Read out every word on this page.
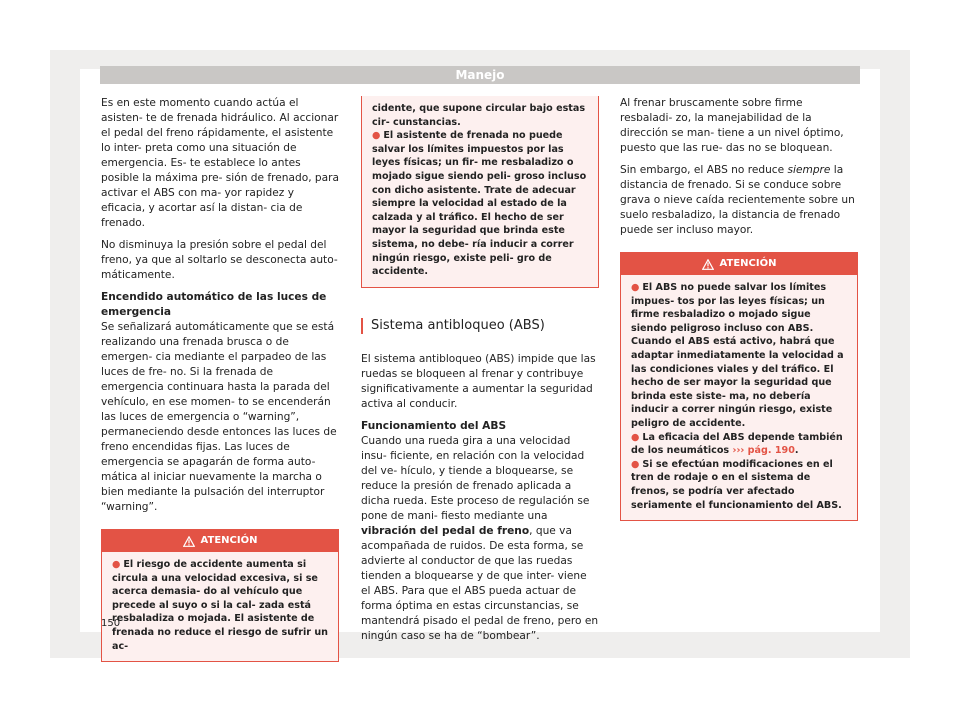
Manejo

Es en este momento cuando actúa el asisten- te de frenada hidráulico. Al accionar el pedal del freno rápidamente, el asistente lo inter- preta como una situación de emergencia. Es- te establece lo antes posible la máxima pre- sión de frenado, para activar el ABS con ma- yor rapidez y eficacia, y acortar así la distan- cia de frenado.

No disminuya la presión sobre el pedal del freno, ya que al soltarlo se desconecta auto- máticamente.

Encendido automático de las luces de emergencia

Se señalizará automáticamente que se está realizando una frenada brusca o de emergen- cia mediante el parpadeo de las luces de fre- no. Si la frenada de emergencia continuara hasta la parada del vehículo, en ese momen- to se encenderán las luces de emergencia o “warning”, permaneciendo desde entonces las luces de freno encendidas fijas. Las luces de emergencia se apagarán de forma auto- mática al iniciar nuevamente la marcha o bien mediante la pulsación del interruptor “warning”.

ATENCIÓN

● El riesgo de accidente aumenta si circula a una velocidad excesiva, si se acerca demasia- do al vehículo que precede al suyo o si la cal- zada está resbaladiza o mojada. El asistente de frenada no reduce el riesgo de sufrir un ac-

cidente, que supone circular bajo estas cir- cunstancias.

● El asistente de frenada no puede salvar los límites impuestos por las leyes físicas; un fir- me resbaladizo o mojado sigue siendo peli- groso incluso con dicho asistente. Trate de adecuar siempre la velocidad al estado de la calzada y al tráfico. El hecho de ser mayor la seguridad que brinda este sistema, no debe- ría inducir a correr ningún riesgo, existe peli- gro de accidente.

Sistema antibloqueo (ABS)

El sistema antibloqueo (ABS) impide que las ruedas se bloqueen al frenar y contribuye significativamente a aumentar la seguridad activa al conducir.

Funcionamiento del ABS

Cuando una rueda gira a una velocidad insu- ficiente, en relación con la velocidad del ve- hículo, y tiende a bloquearse, se reduce la presión de frenado aplicada a dicha rueda. Este proceso de regulación se pone de mani- fiesto mediante una vibración del pedal de freno, que va acompañada de ruidos. De esta forma, se advierte al conductor de que las ruedas tienden a bloquearse y de que inter- viene el ABS. Para que el ABS pueda actuar de forma óptima en estas circunstancias, se mantendrá pisado el pedal de freno, pero en ningún caso se ha de “bombear”.

Al frenar bruscamente sobre firme resbaladi- zo, la manejabilidad de la dirección se man- tiene a un nivel óptimo, puesto que las rue- das no se bloquean.

Sin embargo, el ABS no reduce siempre la distancia de frenado. Si se conduce sobre grava o nieve caída recientemente sobre un suelo resbaladizo, la distancia de frenado puede ser incluso mayor.

ATENCIÓN

● El ABS no puede salvar los límites impues- tos por las leyes físicas; un firme resbaladizo o mojado sigue siendo peligroso incluso con ABS. Cuando el ABS está activo, habrá que adaptar inmediatamente la velocidad a las condiciones viales y del tráfico. El hecho de ser mayor la seguridad que brinda este siste- ma, no debería inducir a correr ningún riesgo, existe peligro de accidente.

● La eficacia del ABS depende también de los neumáticos ››› pág. 190.

● Si se efectúan modificaciones en el tren de rodaje o en el sistema de frenos, se podría ver afectado seriamente el funcionamiento del ABS.

150
